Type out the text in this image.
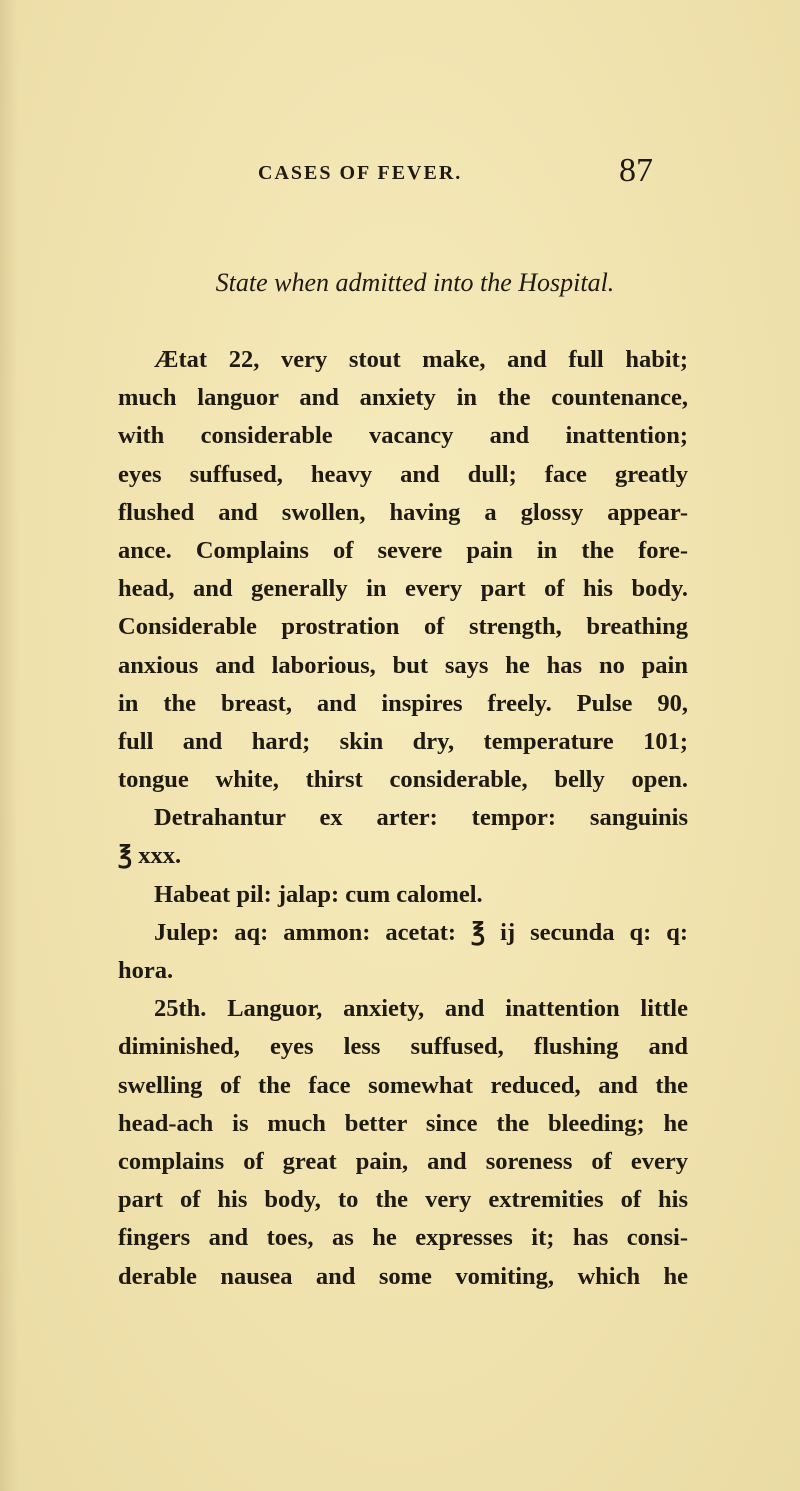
CASES OF FEVER.	87
State when admitted into the Hospital.
Ætat 22, very stout make, and full habit;
much languor and anxiety in the countenance,
with considerable vacancy and inattention;
eyes suffused, heavy and dull; face greatly
flushed and swollen, having a glossy appear-
ance. Complains of severe pain in the fore-
head, and generally in every part of his body.
Considerable prostration of strength, breathing
anxious and laborious, but says he has no pain
in the breast, and inspires freely. Pulse 90,
full and hard; skin dry, temperature 101;
tongue white, thirst considerable, belly open.
Detrahantur ex arter: tempor: sanguinis
℥ xxx.
Habeat pil: jalap: cum calomel.
Julep: aq: ammon: acetat: ℥ ij secunda q: q:
hora.
25th. Languor, anxiety, and inattention little
diminished, eyes less suffused, flushing and
swelling of the face somewhat reduced, and the
head-ach is much better since the bleeding; he
complains of great pain, and soreness of every
part of his body, to the very extremities of his
fingers and toes, as he expresses it; has consi-
derable nausea and some vomiting, which he
